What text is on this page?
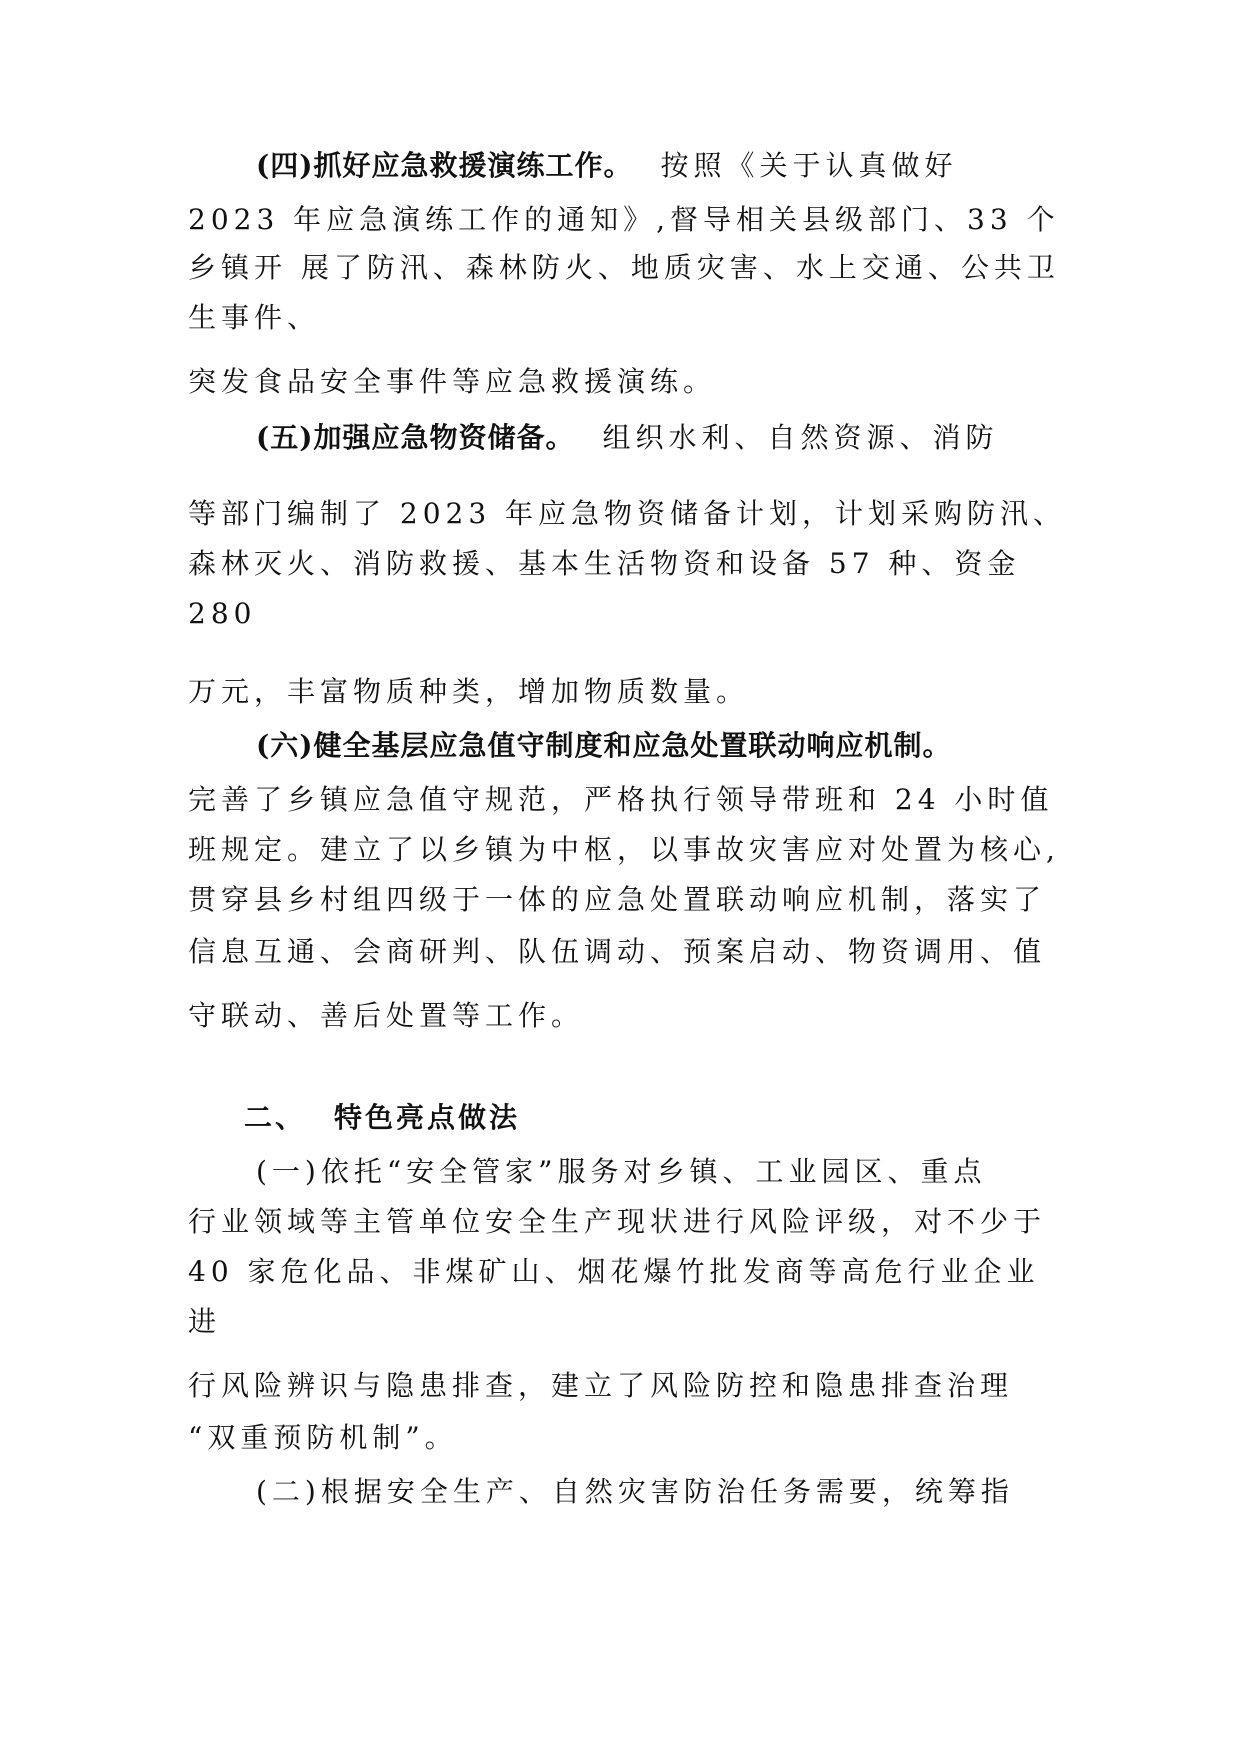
(四)抓好应急救援演练工作。 按照《关于认真做好

2023 年应急演练工作的通知》,督导相关县级部门、33 个

乡镇开 展了防汛、森林防火、地质灾害、水上交通、公共卫

生事件、

突发食品安全事件等应急救援演练。

(五)加强应急物资储备。 组织水利、自然资源、消防

等部门编制了 2023 年应急物资储备计划，计划采购防汛、

森林灭火、消防救援、基本生活物资和设备 57 种、资金

280

万元，丰富物质种类，增加物质数量。

(六)健全基层应急值守制度和应急处置联动响应机制。

完善了乡镇应急值守规范，严格执行领导带班和 24 小时值

班规定。建立了以乡镇为中枢，以事故灾害应对处置为核心,

贯穿县乡村组四级于一体的应急处置联动响应机制，落实了

信息互通、会商研判、队伍调动、预案启动、物资调用、值

守联动、善后处置等工作。

二、 特色亮点做法

(一)依托“安全管家”服务对乡镇、工业园区、重点

行业领域等主管单位安全生产现状进行风险评级，对不少于

40 家危化品、非煤矿山、烟花爆竹批发商等高危行业企业

进

行风险辨识与隐患排查，建立了风险防控和隐患排查治理

“双重预防机制”。

(二)根据安全生产、自然灾害防治任务需要，统筹指
